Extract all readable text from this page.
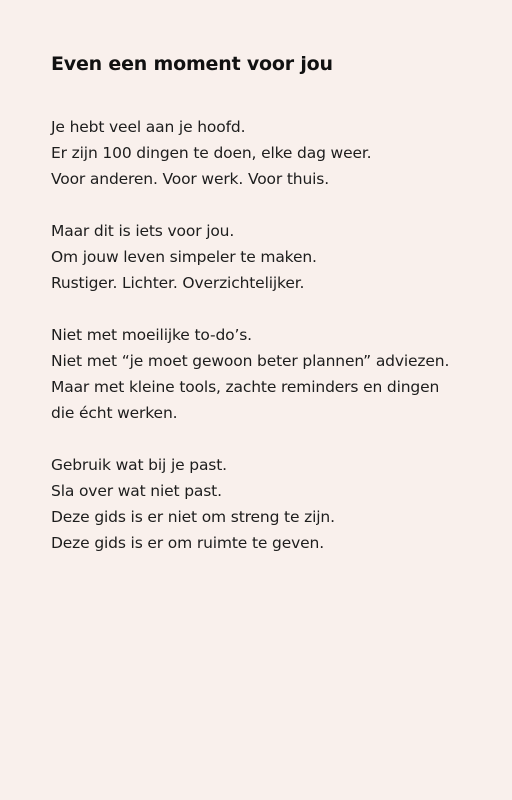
Even een moment voor jou

Je hebt veel aan je hoofd.
Er zijn 100 dingen te doen, elke dag weer.
Voor anderen. Voor werk. Voor thuis.

Maar dit is iets voor jou.
Om jouw leven simpeler te maken.
Rustiger. Lichter. Overzichtelijker.

Niet met moeilijke to-do’s.
Niet met “je moet gewoon beter plannen” adviezen.
Maar met kleine tools, zachte reminders en dingen
die écht werken.

Gebruik wat bij je past.
Sla over wat niet past.
Deze gids is er niet om streng te zijn.
Deze gids is er om ruimte te geven.
